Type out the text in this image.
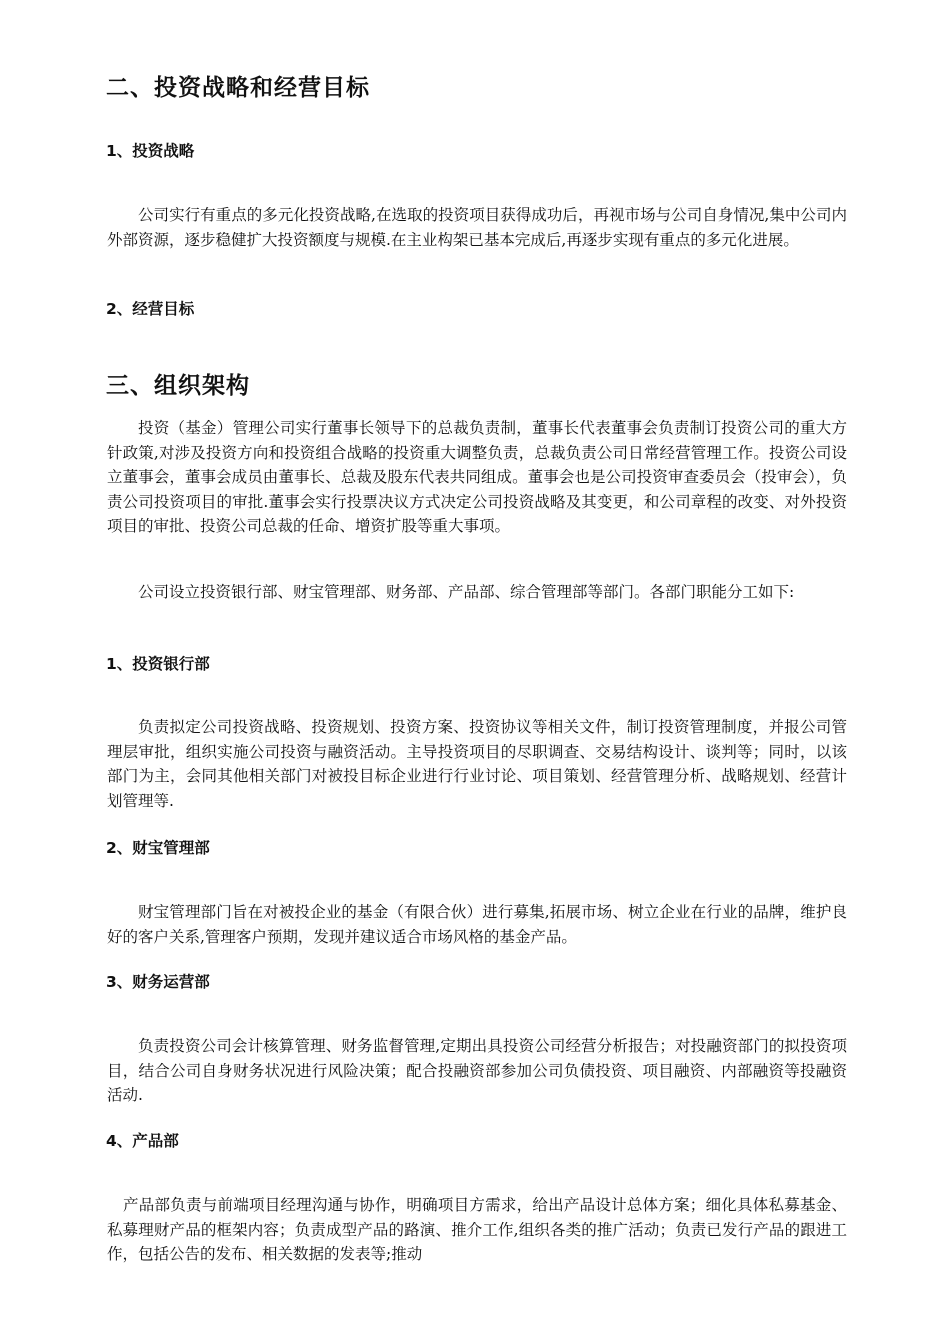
二、投资战略和经营目标
1、投资战略

公司实行有重点的多元化投资战略,在选取的投资项目获得成功后，再视市场与公司自身情况,集中公司内外部资源，逐步稳健扩大投资额度与规模.在主业构架已基本完成后,再逐步实现有重点的多元化进展。

2、经营目标
三、组织架构

投资（基金）管理公司实行董事长领导下的总裁负责制，董事长代表董事会负责制订投资公司的重大方针政策,对涉及投资方向和投资组合战略的投资重大调整负责，总裁负责公司日常经营管理工作。投资公司设立董事会，董事会成员由董事长、总裁及股东代表共同组成。董事会也是公司投资审查委员会（投审会），负责公司投资项目的审批.董事会实行投票决议方式决定公司投资战略及其变更，和公司章程的改变、对外投资项目的审批、投资公司总裁的任命、增资扩股等重大事项。

公司设立投资银行部、财宝管理部、财务部、产品部、综合管理部等部门。各部门职能分工如下:

1、投资银行部

负责拟定公司投资战略、投资规划、投资方案、投资协议等相关文件，制订投资管理制度，并报公司管理层审批，组织实施公司投资与融资活动。主导投资项目的尽职调查、交易结构设计、谈判等；同时，以该部门为主，会同其他相关部门对被投目标企业进行行业讨论、项目策划、经营管理分析、战略规划、经营计划管理等.

2、财宝管理部

财宝管理部门旨在对被投企业的基金（有限合伙）进行募集,拓展市场、树立企业在行业的品牌，维护良好的客户关系,管理客户预期，发现并建议适合市场风格的基金产品。

3、财务运营部

负责投资公司会计核算管理、财务监督管理,定期出具投资公司经营分析报告；对投融资部门的拟投资项目，结合公司自身财务状况进行风险决策；配合投融资部参加公司负债投资、项目融资、内部融资等投融资活动.

4、产品部

产品部负责与前端项目经理沟通与协作，明确项目方需求，给出产品设计总体方案；细化具体私募基金、私募理财产品的框架内容；负责成型产品的路演、推介工作,组织各类的推广活动；负责已发行产品的跟进工作，包括公告的发布、相关数据的发表等;推动
